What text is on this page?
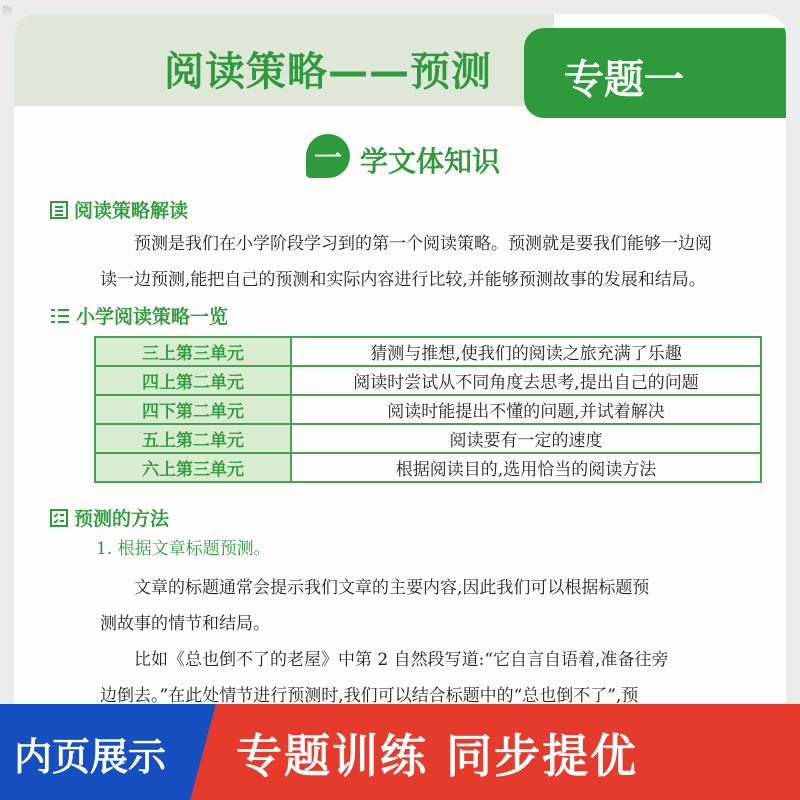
物
阅读策略——预测 专题一
一 学文体知识
阅读策略解读
预测是我们在小学阶段学习到的第一个阅读策略。预测就是要我们能够一边阅
读一边预测,能把自己的预测和实际内容进行比较,并能够预测故事的发展和结局。
小学阅读策略一览
三上第三单元	猜测与推想,使我们的阅读之旅充满了乐趣
四上第二单元	阅读时尝试从不同角度去思考,提出自己的问题
四下第二单元	阅读时能提出不懂的问题,并试着解决
五上第二单元	阅读要有一定的速度
六上第三单元	根据阅读目的,选用恰当的阅读方法
预测的方法
1. 根据文章标题预测。
文章的标题通常会提示我们文章的主要内容,因此我们可以根据标题预
测故事的情节和结局。
比如《总也倒不了的老屋》中第 2 自然段写道:“它自言自语着,准备往旁
边倒去。”在此处情节进行预测时,我们可以结合标题中的“总也倒不了”,预
内页展示 专题训练 同步提优
